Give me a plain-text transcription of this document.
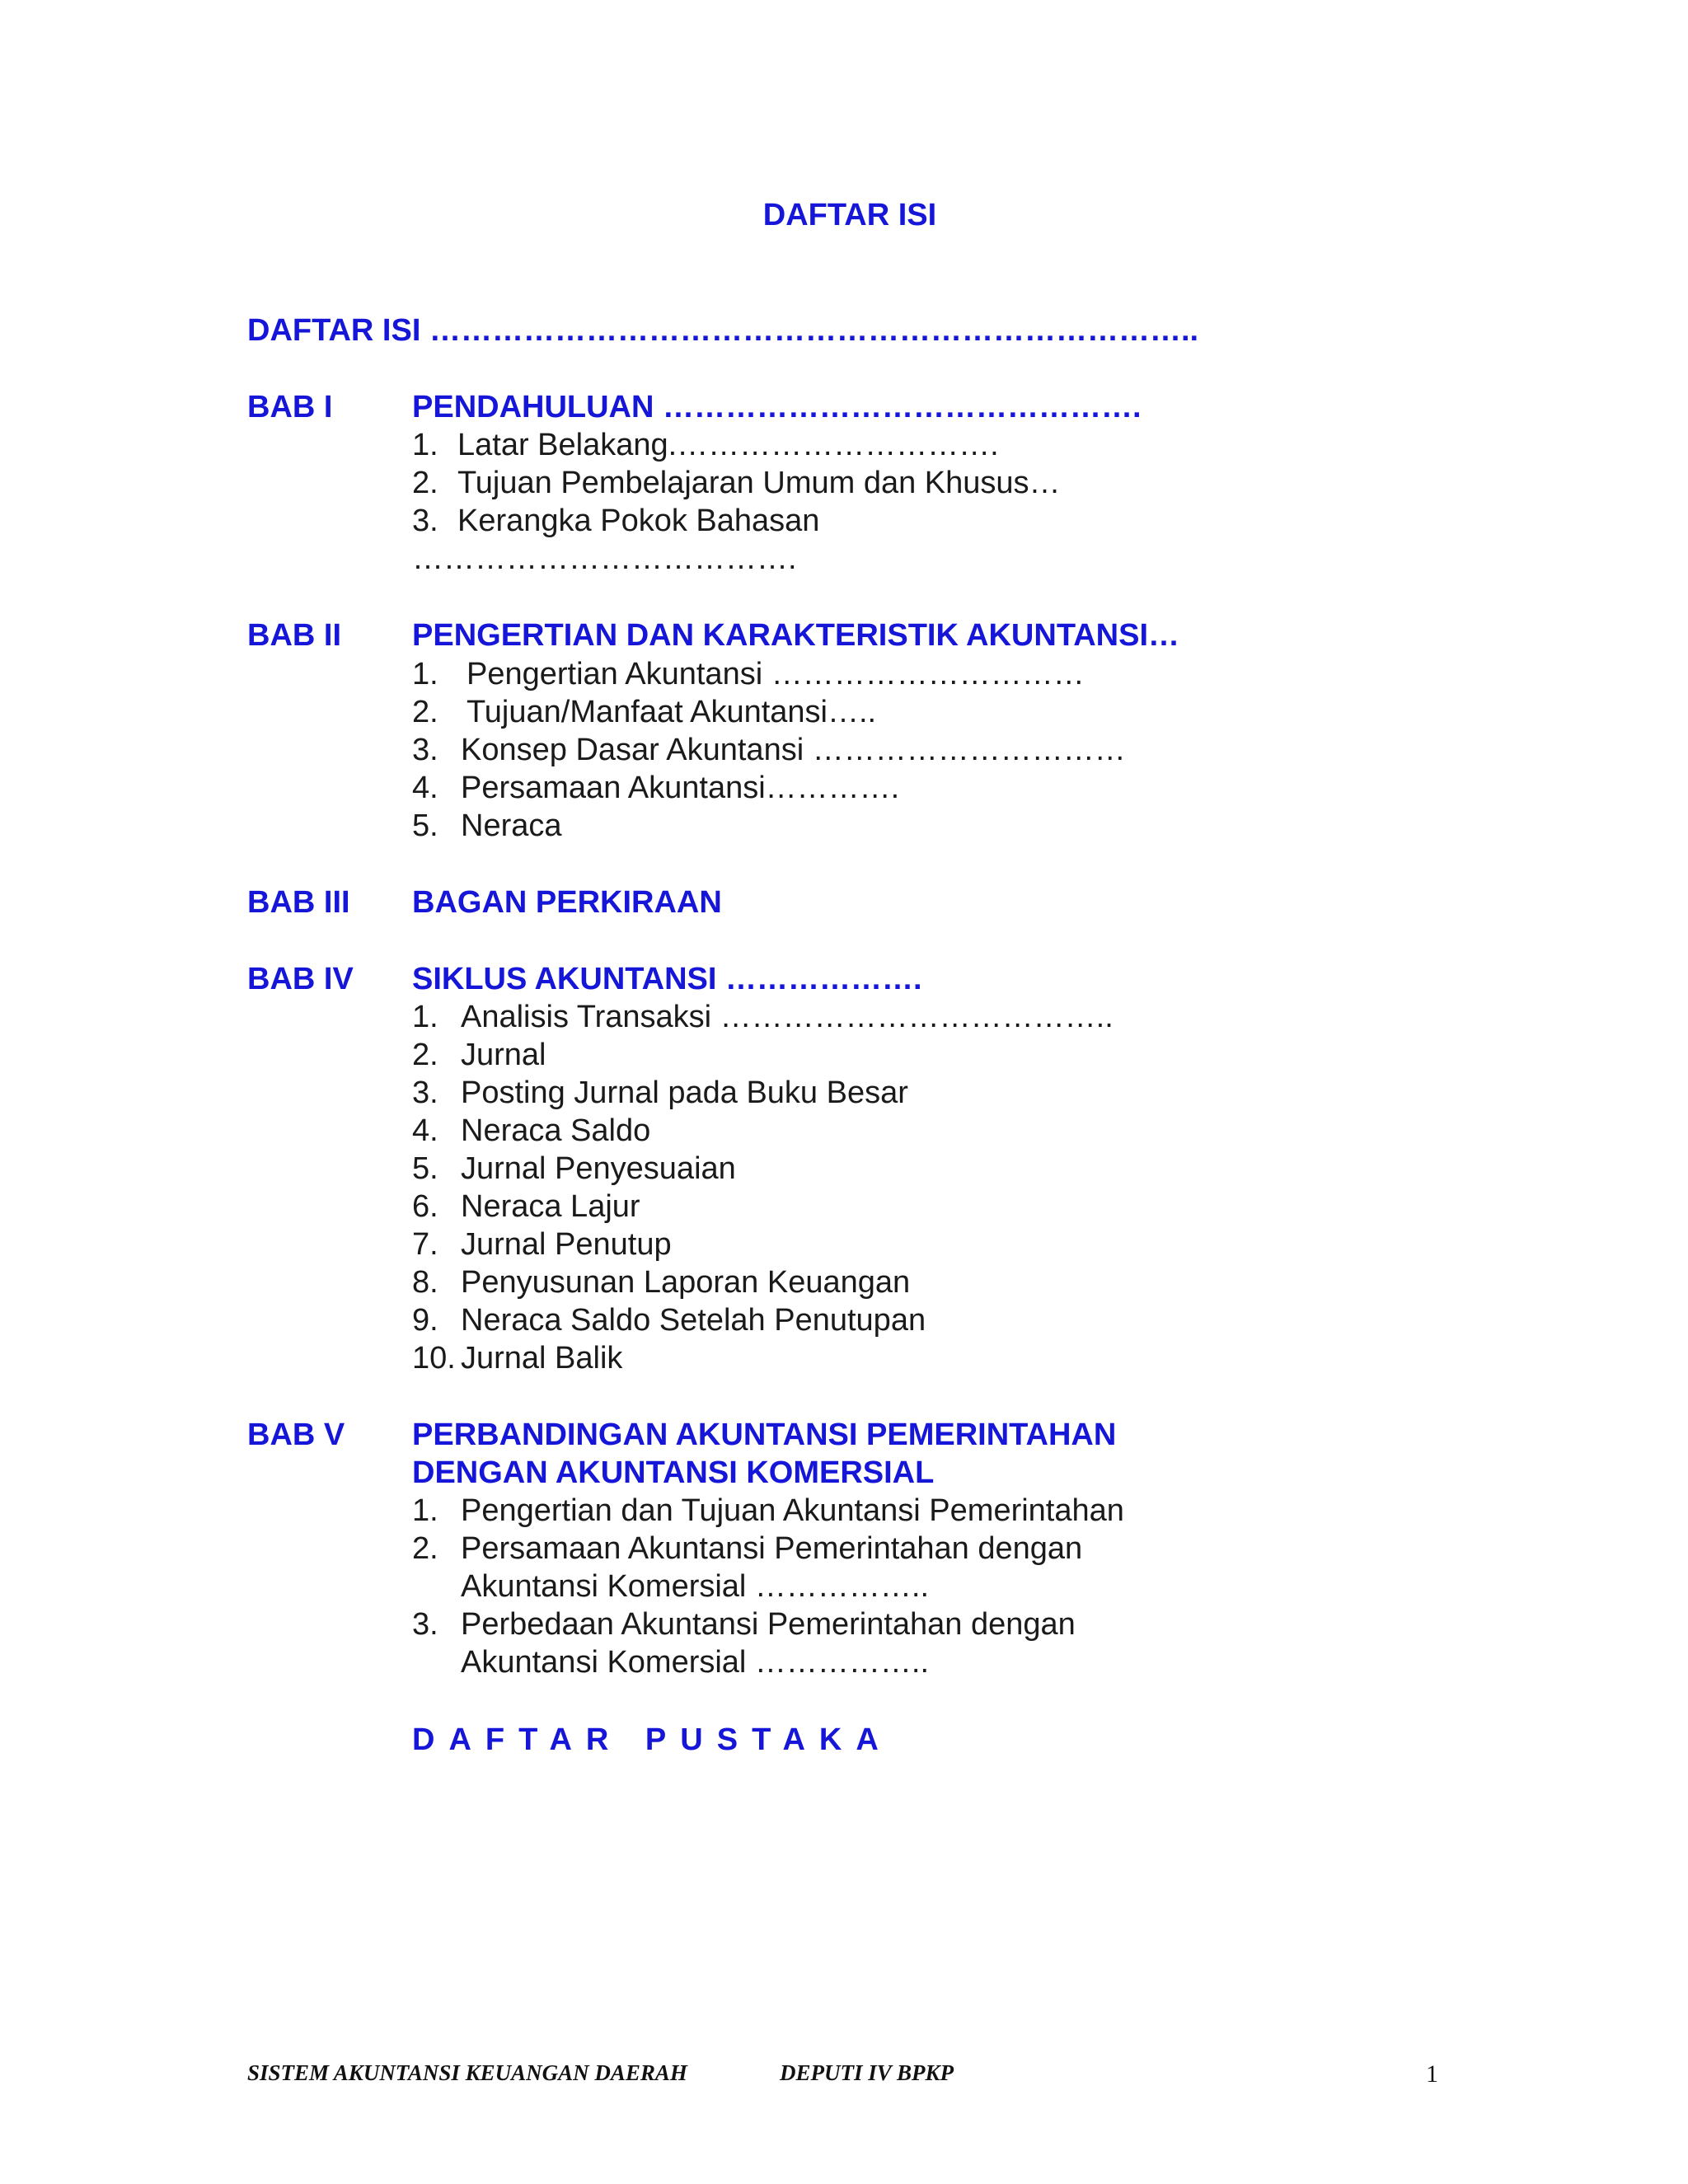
DAFTAR ISI
DAFTAR ISI ………………………………………………………………..
BAB I	PENDAHULUAN ……………………………………….
1. Latar Belakang.………………………….
2. Tujuan Pembelajaran Umum dan Khusus…
3. Kerangka Pokok Bahasan
……………………………….
BAB II PENGERTIAN DAN KARAKTERISTIK AKUNTANSI…
1. Pengertian Akuntansi …………………………
2. Tujuan/Manfaat Akuntansi…..
3. Konsep Dasar Akuntansi …………………………
4. Persamaan Akuntansi………….
5. Neraca
BAB III BAGAN PERKIRAAN
BAB IV SIKLUS AKUNTANSI ……………….
1. Analisis Transaksi ………………………………..
2. Jurnal
3. Posting Jurnal pada Buku Besar
4. Neraca Saldo
5. Jurnal Penyesuaian
6. Neraca Lajur
7. Jurnal Penutup
8. Penyusunan Laporan Keuangan
9. Neraca Saldo Setelah Penutupan
10. Jurnal Balik
BAB V PERBANDINGAN AKUNTANSI PEMERINTAHAN
DENGAN AKUNTANSI KOMERSIAL
1. Pengertian dan Tujuan Akuntansi Pemerintahan
2. Persamaan Akuntansi Pemerintahan dengan
Akuntansi Komersial ……………..
3. Perbedaan Akuntansi Pemerintahan dengan
Akuntansi Komersial ……………..
DAFTAR PUSTAKA
SISTEM AKUNTANSI KEUANGAN DAERAH	DEPUTI IV BPKP	1
